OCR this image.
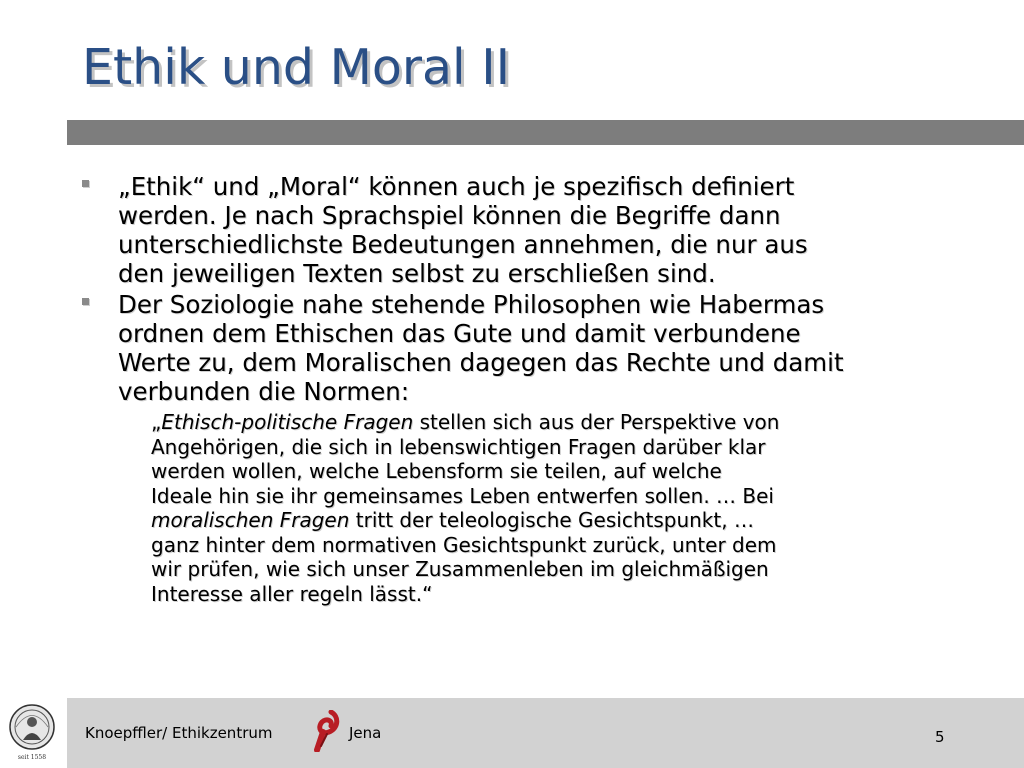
Ethik und Moral II
„Ethik“ und „Moral“ können auch je spezifisch definiert
werden. Je nach Sprachspiel können die Begriffe dann
unterschiedlichste Bedeutungen annehmen, die nur aus
den jeweiligen Texten selbst zu erschließen sind.
Der Soziologie nahe stehende Philosophen wie Habermas
ordnen dem Ethischen das Gute und damit verbundene
Werte zu, dem Moralischen dagegen das Rechte und damit
verbunden die Normen:
„Ethisch-politische Fragen stellen sich aus der Perspektive von
Angehörigen, die sich in lebenswichtigen Fragen darüber klar
werden wollen, welche Lebensform sie teilen, auf welche
Ideale hin sie ihr gemeinsames Leben entwerfen sollen. … Bei
moralischen Fragen tritt der teleologische Gesichtspunkt, …
ganz hinter dem normativen Gesichtspunkt zurück, unter dem
wir prüfen, wie sich unser Zusammenleben im gleichmäßigen
Interesse aller regeln lässt.“
seit 1558
Knoepffler/ Ethikzentrum	Jena	5
